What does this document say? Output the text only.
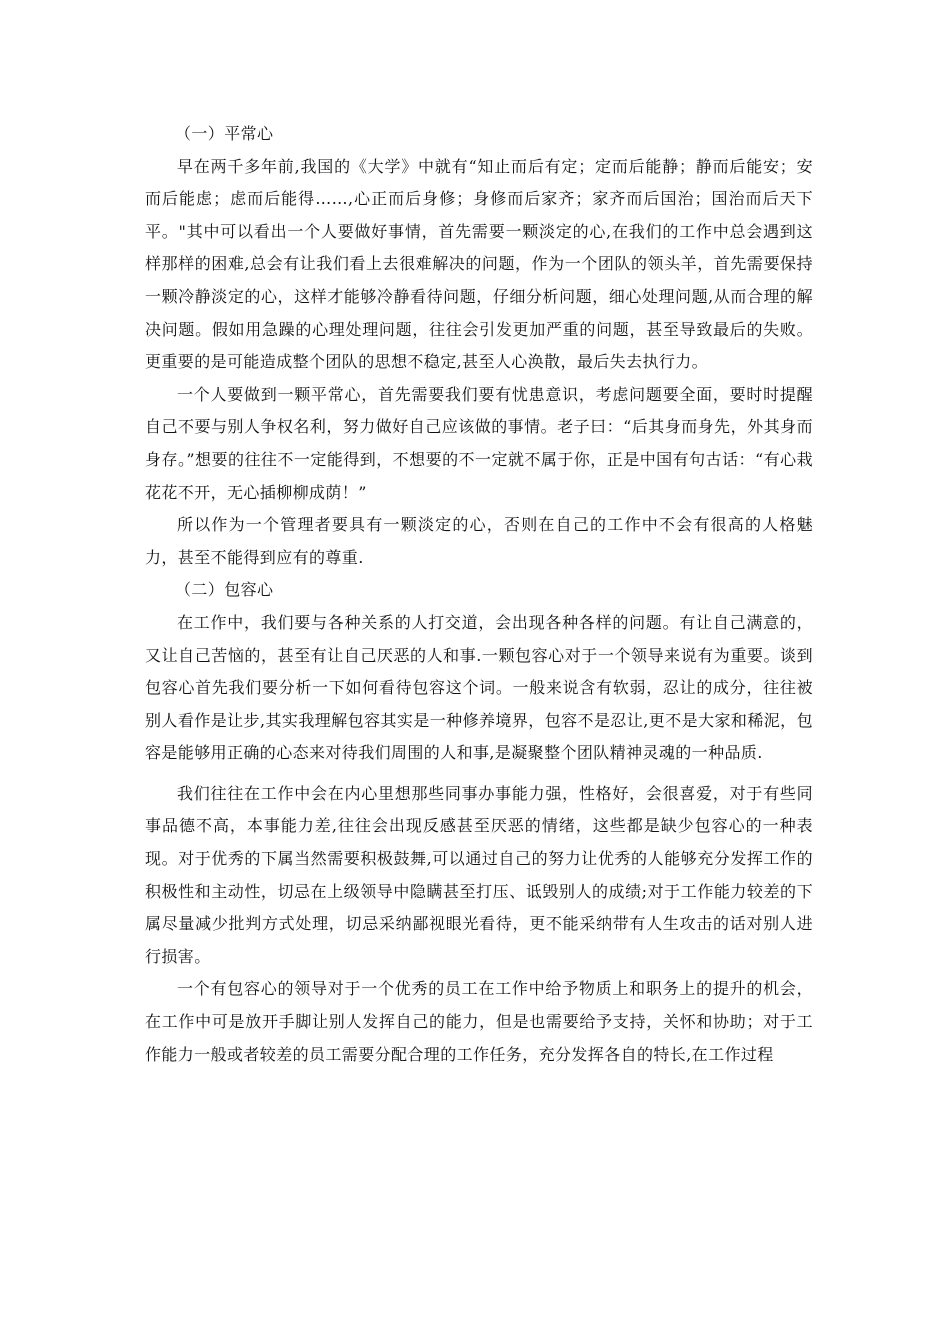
（一）平常心

早在两千多年前,我国的《大学》中就有“知止而后有定；定而后能静；静而后能安；安而后能虑；虑而后能得……,心正而后身修；身修而后家齐；家齐而后国治；国治而后天下平。"其中可以看出一个人要做好事情，首先需要一颗淡定的心,在我们的工作中总会遇到这样那样的困难,总会有让我们看上去很难解决的问题，作为一个团队的领头羊，首先需要保持一颗冷静淡定的心，这样才能够冷静看待问题，仔细分析问题，细心处理问题,从而合理的解决问题。假如用急躁的心理处理问题，往往会引发更加严重的问题，甚至导致最后的失败。更重要的是可能造成整个团队的思想不稳定,甚至人心涣散，最后失去执行力。

一个人要做到一颗平常心，首先需要我们要有忧患意识，考虑问题要全面，要时时提醒自己不要与别人争权名利，努力做好自己应该做的事情。老子曰：“后其身而身先，外其身而身存。”想要的往往不一定能得到，不想要的不一定就不属于你，正是中国有句古话：“有心栽花花不开，无心插柳柳成荫！”

所以作为一个管理者要具有一颗淡定的心，否则在自己的工作中不会有很高的人格魅力，甚至不能得到应有的尊重.

（二）包容心

在工作中，我们要与各种关系的人打交道，会出现各种各样的问题。有让自己满意的，又让自己苦恼的，甚至有让自己厌恶的人和事.一颗包容心对于一个领导来说有为重要。谈到包容心首先我们要分析一下如何看待包容这个词。一般来说含有软弱，忍让的成分，往往被别人看作是让步,其实我理解包容其实是一种修养境界，包容不是忍让,更不是大家和稀泥，包容是能够用正确的心态来对待我们周围的人和事,是凝聚整个团队精神灵魂的一种品质.

我们往往在工作中会在内心里想那些同事办事能力强，性格好，会很喜爱，对于有些同事品德不高，本事能力差,往往会出现反感甚至厌恶的情绪，这些都是缺少包容心的一种表现。对于优秀的下属当然需要积极鼓舞,可以通过自己的努力让优秀的人能够充分发挥工作的积极性和主动性，切忌在上级领导中隐瞒甚至打压、诋毁别人的成绩;对于工作能力较差的下属尽量减少批判方式处理，切忌采纳鄙视眼光看待，更不能采纳带有人生攻击的话对别人进行损害。

一个有包容心的领导对于一个优秀的员工在工作中给予物质上和职务上的提升的机会，在工作中可是放开手脚让别人发挥自己的能力，但是也需要给予支持，关怀和协助；对于工作能力一般或者较差的员工需要分配合理的工作任务，充分发挥各自的特长,在工作过程
